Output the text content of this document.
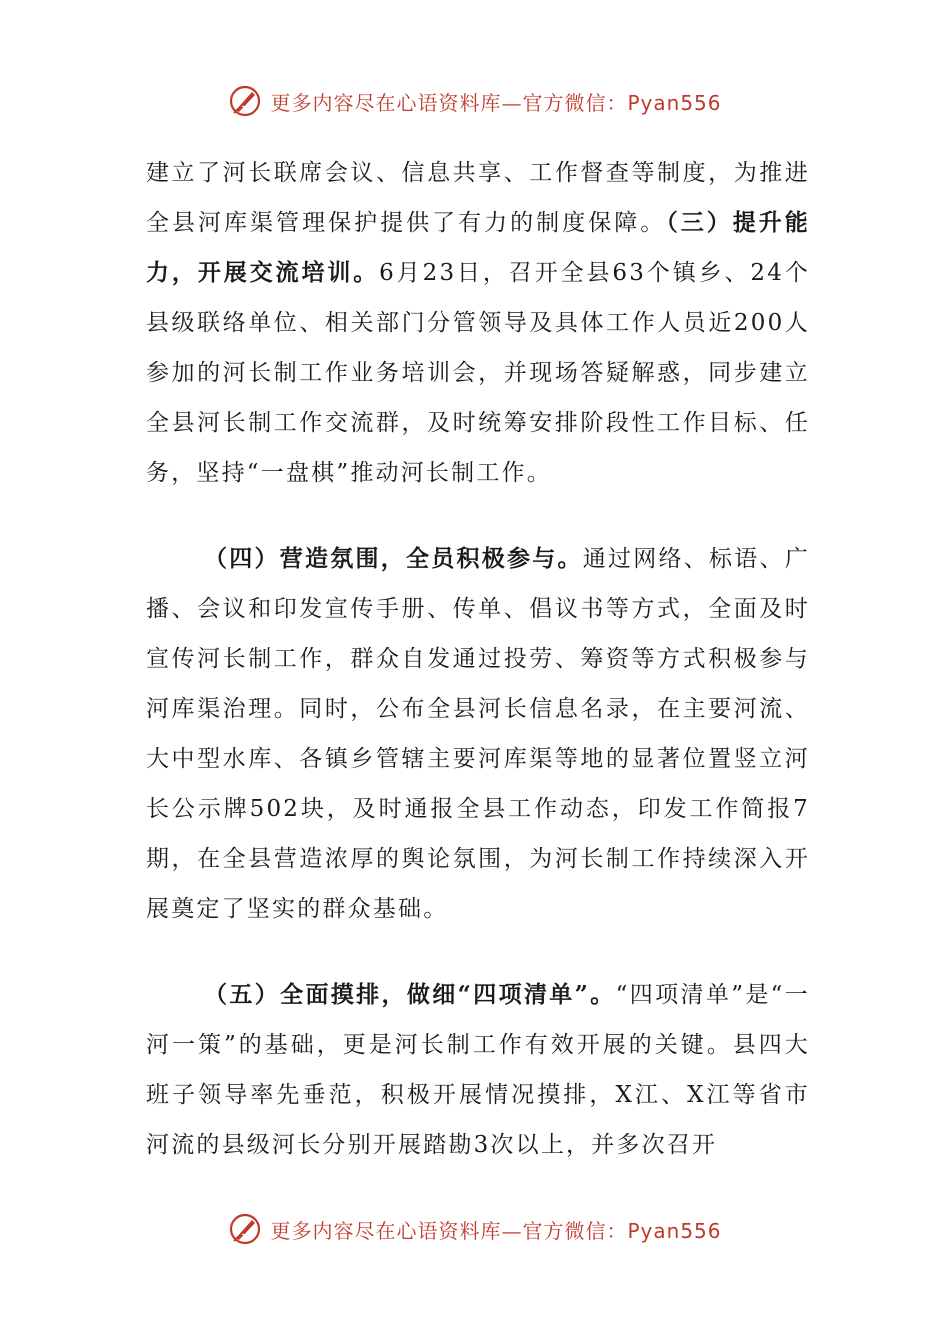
更多内容尽在心语资料库—官方微信：Pyan556

建立了河长联席会议、信息共享、工作督查等制度，为推进全县河库渠管理保护提供了有力的制度保障。（三）提升能力，开展交流培训。6月23日，召开全县63个镇乡、24个县级联络单位、相关部门分管领导及具体工作人员近200人参加的河长制工作业务培训会，并现场答疑解惑，同步建立全县河长制工作交流群，及时统筹安排阶段性工作目标、任务，坚持“一盘棋”推动河长制工作。

（四）营造氛围，全员积极参与。通过网络、标语、广播、会议和印发宣传手册、传单、倡议书等方式，全面及时宣传河长制工作，群众自发通过投劳、筹资等方式积极参与河库渠治理。同时，公布全县河长信息名录，在主要河流、大中型水库、各镇乡管辖主要河库渠等地的显著位置竖立河长公示牌502块，及时通报全县工作动态，印发工作简报7期，在全县营造浓厚的舆论氛围，为河长制工作持续深入开展奠定了坚实的群众基础。

（五）全面摸排，做细“四项清单”。“四项清单”是“一河一策”的基础，更是河长制工作有效开展的关键。县四大班子领导率先垂范，积极开展情况摸排，X江、X江等省市河流的县级河长分别开展踏勘3次以上，并多次召开

更多内容尽在心语资料库—官方微信：Pyan556
